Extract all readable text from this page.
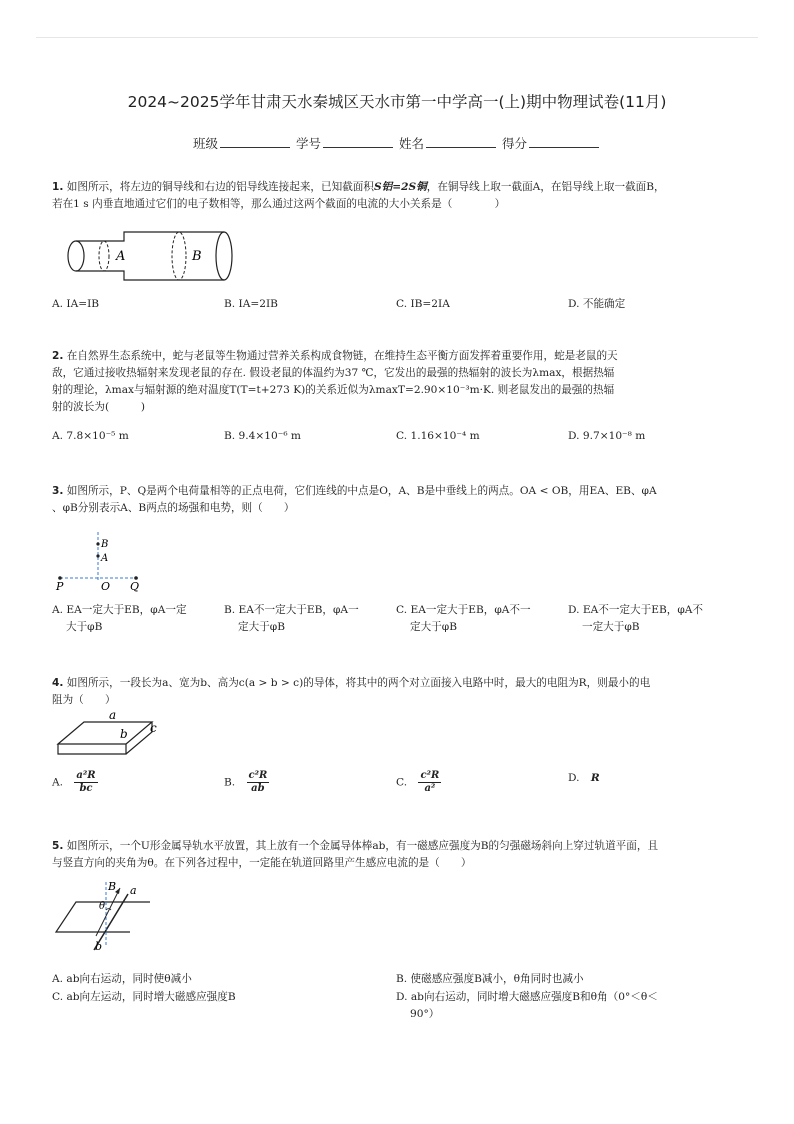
2024~2025学年甘肃天水秦城区天水市第一中学高一(上)期中物理试卷(11月)
班级	学号	姓名	得分

1. 如图所示，将左边的铜导线和右边的铝导线连接起来，已知截面积S铝=2S铜，在铜导线上取一截面A，在铝导线上取一截面B，
若在1 s 内垂直地通过它们的电子数相等，那么通过这两个截面的电流的大小关系是（　　　　）

A	B
A. IA=IB	B. IA=2IB	C. IB=2IA	D. 不能确定

2. 在自然界生态系统中，蛇与老鼠等生物通过营养关系构成食物链，在维持生态平衡方面发挥着重要作用，蛇是老鼠的天
敌，它通过接收热辐射来发现老鼠的存在. 假设老鼠的体温约为37 ℃，它发出的最强的热辐射的波长为λmax，根据热辐
射的理论，λmax与辐射源的绝对温度T(T=t+273 K)的关系近似为λmaxT=2.90×10⁻³m·K. 则老鼠发出的最强的热辐
射的波长为(　　　)

A. 7.8×10⁻⁵ m	B. 9.4×10⁻⁶ m	C. 1.16×10⁻⁴ m	D. 9.7×10⁻⁸ m

3. 如图所示，P、Q是两个电荷量相等的正点电荷，它们连线的中点是O，A、B是中垂线上的两点。OA < OB，用EA、EB、φA
、φB分别表示A、B两点的场强和电势，则（　　）

B
A
P	O Q
A. EA一定大于EB，φA一定
大于φB
B. EA不一定大于EB，φA一
定大于φB
C. EA一定大于EB，φA不一
定大于φB
D. EA不一定大于EB，φA不
一定大于φB

4. 如图所示，一段长为a、宽为b、高为c(a > b > c)的导体，将其中的两个对立面接入电路中时，最大的电阻为R，则最小的电
阻为（　　）

a
b c
A. $\frac{\text{a²R}}{bc}$	B. $\frac{\text{c²R}}{ab}$	C. $\frac{\text{c²R}}{\text{a²}}$	D. R

5. 如图所示，一个U形金属导轨水平放置，其上放有一个金属导体棒ab，有一磁感应强度为B的匀强磁场斜向上穿过轨道平面，且
与竖直方向的夹角为θ。在下列各过程中，一定能在轨道回路里产生感应电流的是（　　）

B a
θ
b
A. ab向右运动，同时使θ减小	B. 使磁感应强度B减小，θ角同时也减小
C. ab向左运动，同时增大磁感应强度B	D. ab向右运动，同时增大磁感应强度B和θ角（0°＜θ＜
90°）
